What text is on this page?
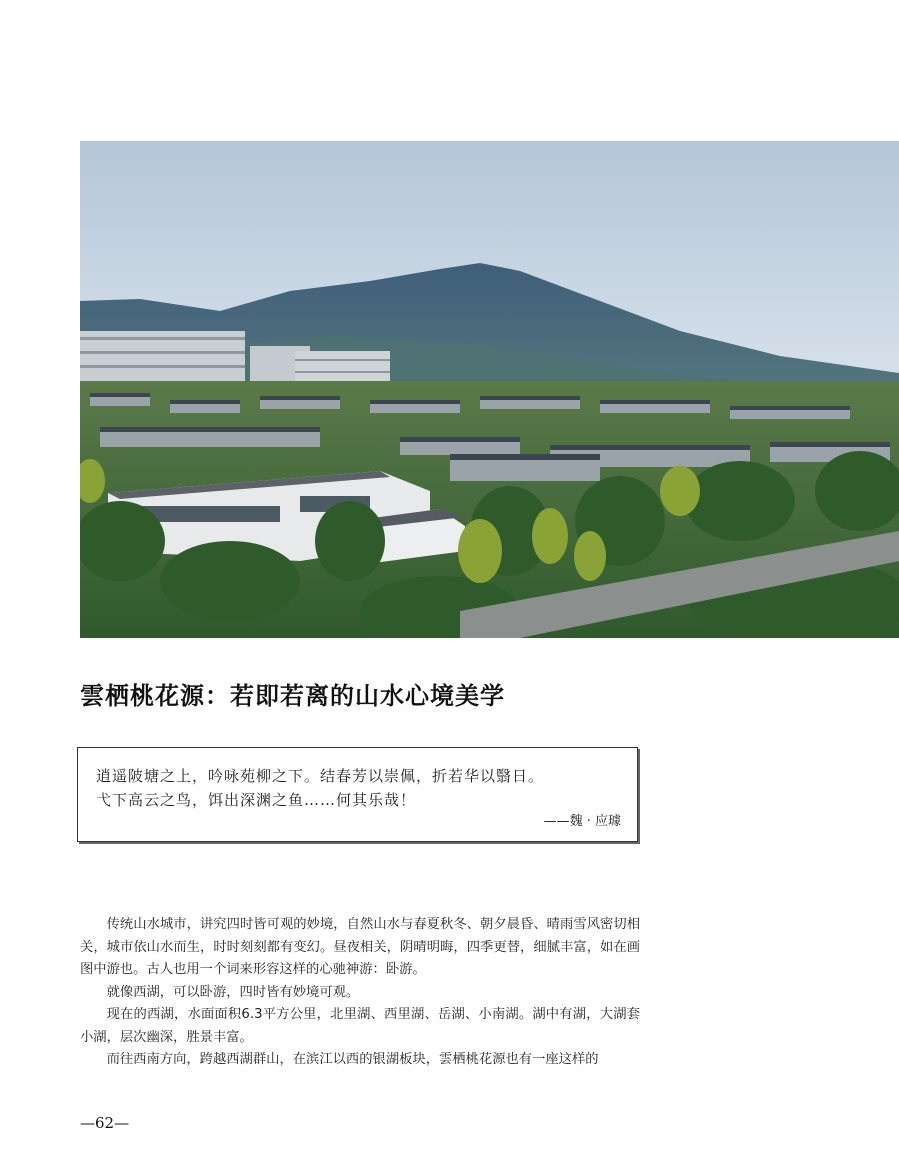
雲栖桃花源：若即若离的山水心境美学
逍遥陂塘之上，吟咏苑柳之下。结春芳以崇佩，折若华以翳日。
弋下高云之鸟，饵出深渊之鱼……何其乐哉！
——魏 · 应璩

传统山水城市，讲究四时皆可观的妙境，自然山水与春夏秋冬、朝夕晨昏、晴雨雪风密切相关，城市依山水而生，时时刻刻都有变幻。昼夜相关，阴晴明晦，四季更替，细腻丰富，如在画图中游也。古人也用一个词来形容这样的心驰神游：卧游。

就像西湖，可以卧游，四时皆有妙境可观。

现在的西湖，水面面积6.3平方公里，北里湖、西里湖、岳湖、小南湖。湖中有湖，大湖套小湖，层次幽深，胜景丰富。

而往西南方向，跨越西湖群山，在滨江以西的银湖板块，雲栖桃花源也有一座这样的

—62—
